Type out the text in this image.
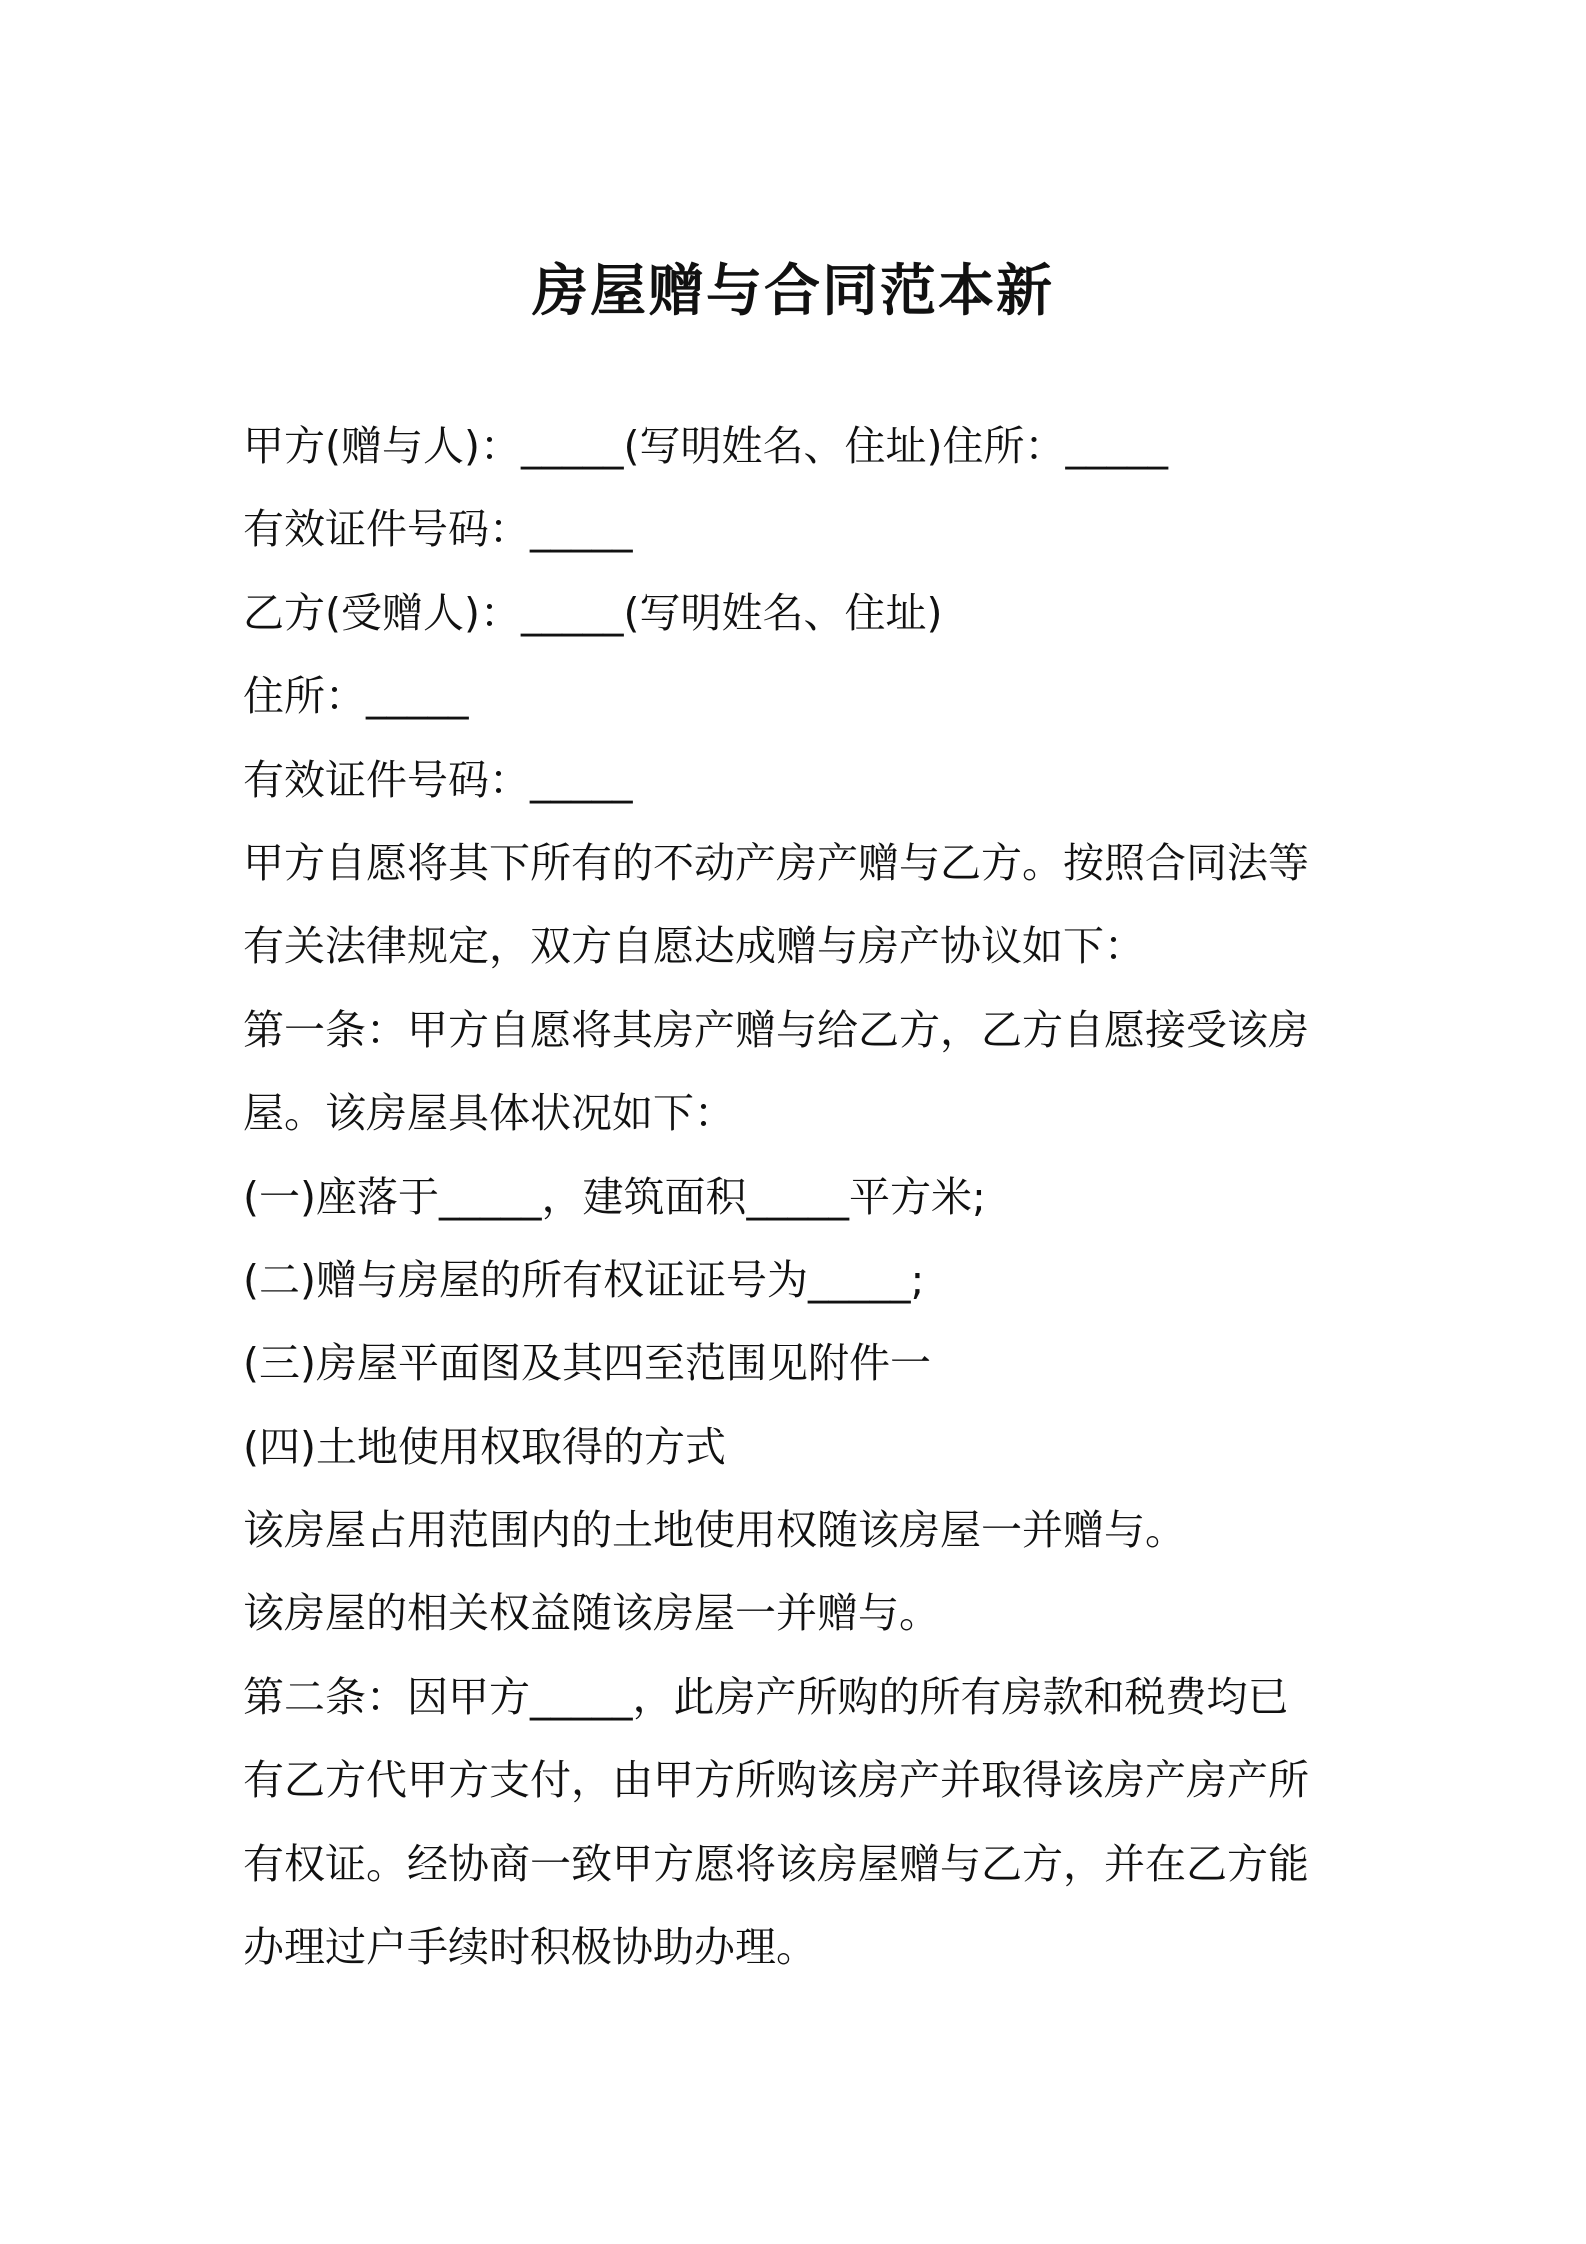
房屋赠与合同范本新

甲方(赠与人)：_____(写明姓名、住址)住所：_____

有效证件号码：_____

乙方(受赠人)：_____(写明姓名、住址)

住所：_____

有效证件号码：_____

甲方自愿将其下所有的不动产房产赠与乙方。按照合同法等

有关法律规定，双方自愿达成赠与房产协议如下：

第一条：甲方自愿将其房产赠与给乙方，乙方自愿接受该房

屋。该房屋具体状况如下：

(一)座落于_____，建筑面积_____平方米;

(二)赠与房屋的所有权证证号为_____;

(三)房屋平面图及其四至范围见附件一

(四)土地使用权取得的方式

该房屋占用范围内的土地使用权随该房屋一并赠与。

该房屋的相关权益随该房屋一并赠与。

第二条：因甲方_____，此房产所购的所有房款和税费均已

有乙方代甲方支付，由甲方所购该房产并取得该房产房产所

有权证。经协商一致甲方愿将该房屋赠与乙方，并在乙方能

办理过户手续时积极协助办理。
